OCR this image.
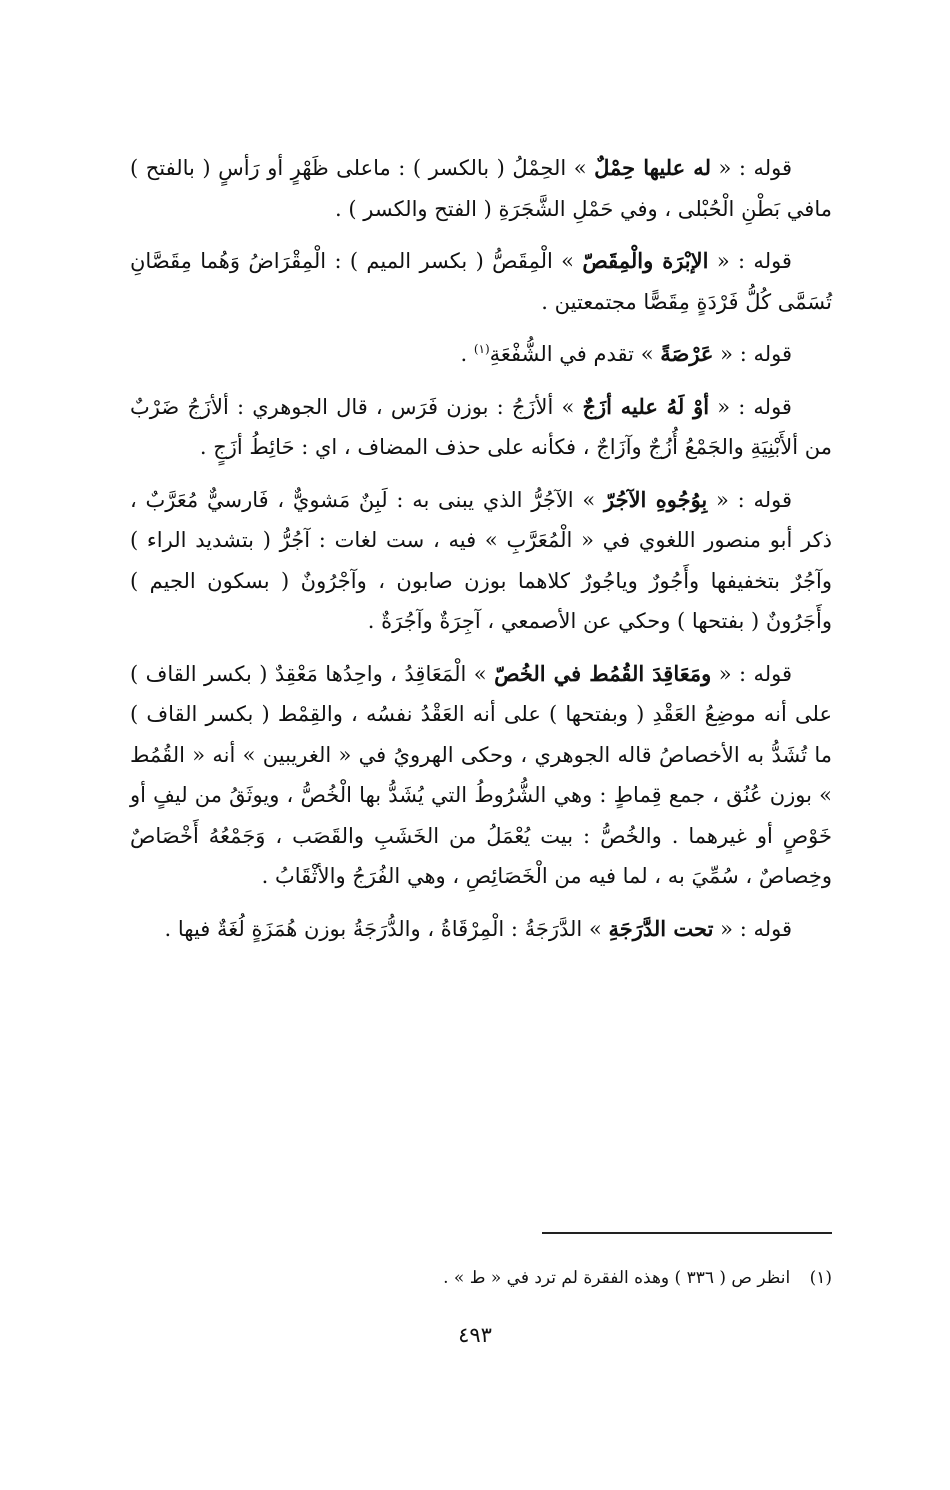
قوله : « له عليها حِمْلٌ » الحِمْلُ ( بالكسر ) : ماعلى ظَهْرٍ أو رَأسٍ ( بالفتح ) مافي بَطْنِ الْحُبْلى ، وفي حَمْلِ الشَّجَرَةِ ( الفتح والكسر ) .

قوله : « الإبْرَة والْمِقَصّ » الْمِقَصُّ ( بكسر الميم ) : الْمِقْرَاضُ وَهُما مِقَصَّانِ تُسَمَّى كُلُّ فَرْدَةٍ مِقَصًّا مجتمعتين .

قوله : « عَرْصَةً » تقدم في الشُّفْعَةِ$^{(١)}$ .

قوله : « أوْ لَهُ عليه أزَجٌ » ألأزَجُ : بوزن فَرَس ، قال الجوهري : ألأزَجُ ضَرْبٌ من ألأَبْنِيَةِ والجَمْعُ أُزُجٌ وآزَاجٌ ، فكأنه على حذف المضاف ، اي : حَائِطُ أزَجٍ .

قوله : « بِوُجُوهِ الآجُرّ » الآجُرُّ الذي يبنى به : لَبِنٌ مَشويٌّ ، فَارسيٌّ مُعَرَّبٌ ، ذكر أبو منصور اللغوي في « الْمُعَرَّبِ » فيه ، ست لغات : آجُرُّ ( بتشديد الراء ) وآجُرٌ بتخفيفها وأَجُورٌ وياجُورٌ كلاهما بوزن صابون ، وآجْرُونٌ ( بسكون الجيم ) وأَجَرُونٌ ( بفتحها ) وحكي عن الأصمعي ، آجِرَةٌ وآجُرَةٌ .

قوله : « ومَعَاقِدَ القُمُط في الخُصّ » الْمَعَاقِدُ ، واحِدُها مَعْقِدٌ ( بكسر القاف ) على أنه موضِعُ العَقْدِ ( وبفتحها ) على أنه العَقْدُ نفسُه ، والقِمْط ( بكسر القاف ) ما تُشَدُّ به الأخصاصُ قاله الجوهري ، وحكى الهرويُ في « الغريبين » أنه « القُمُط » بوزن عُنُق ، جمع قِماطٍ : وهي الشُّرُوطُ التي يُشَدُّ بها الْخُصُّ ، ويوثَقُ من ليفٍ أو خَوْصٍ أو غيرهما . والخُصُّ : بيت يُعْمَلُ من الخَشَبِ والقَصَب ، وَجَمْعُهُ أَخْصَاصٌ وخِصاصٌ ، سُمِّيَ به ، لما فيه من الْخَصَائِصِ ، وهي الفُرَجُ والأثْقَابُ .

قوله : « تحت الدَّرَجَةِ » الدَّرَجَةُ : الْمِرْقَاةُ ، والدُّرَجَةُ بوزن هُمَزَةٍ لُغَةٌ فيها .

(١) انظر ص ( ٣٣٦ ) وهذه الفقرة لم ترد في « ط » .
٤٩٣
